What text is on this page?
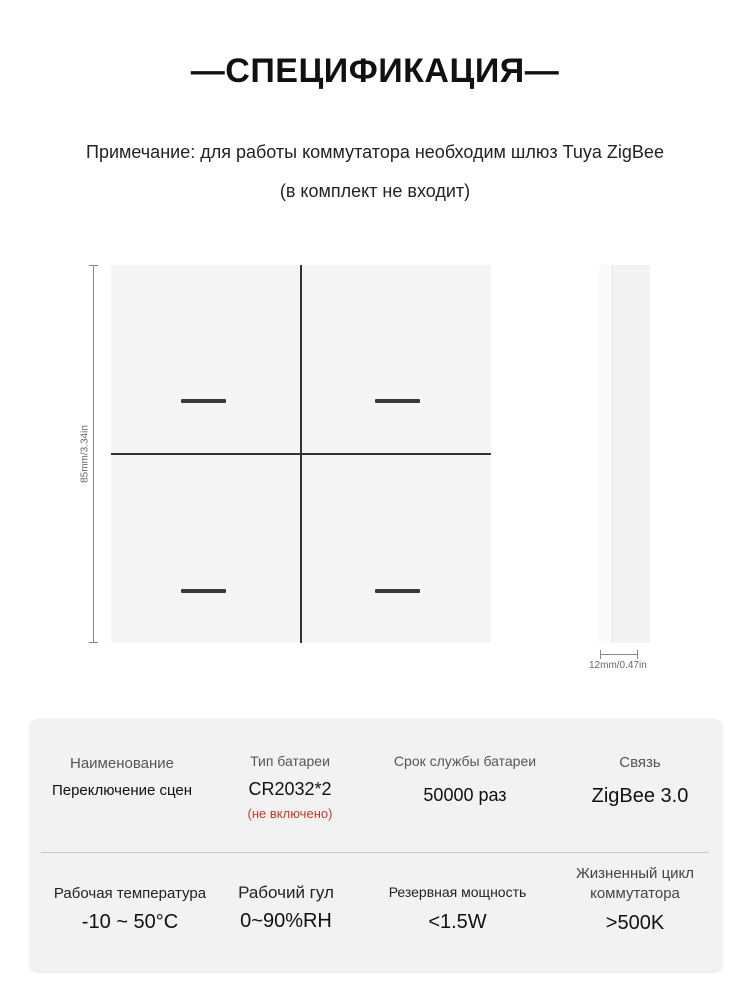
—СПЕЦИФИКАЦИЯ—
Примечание: для работы коммутатора необходим шлюз Tuya ZigBee
(в комплект не входит)
85mm/3.34in
12mm/0.47in
Наименование
Переключение сцен
Тип батареи
CR2032*2
(не включено)
Срок службы батареи
50000 раз
Связь
ZigBee 3.0
Рабочая температура
-10 ~ 50°C
Рабочий гул
0~90%RH
Резервная мощность
<1.5W
Жизненный цикл коммутатора
>500K
